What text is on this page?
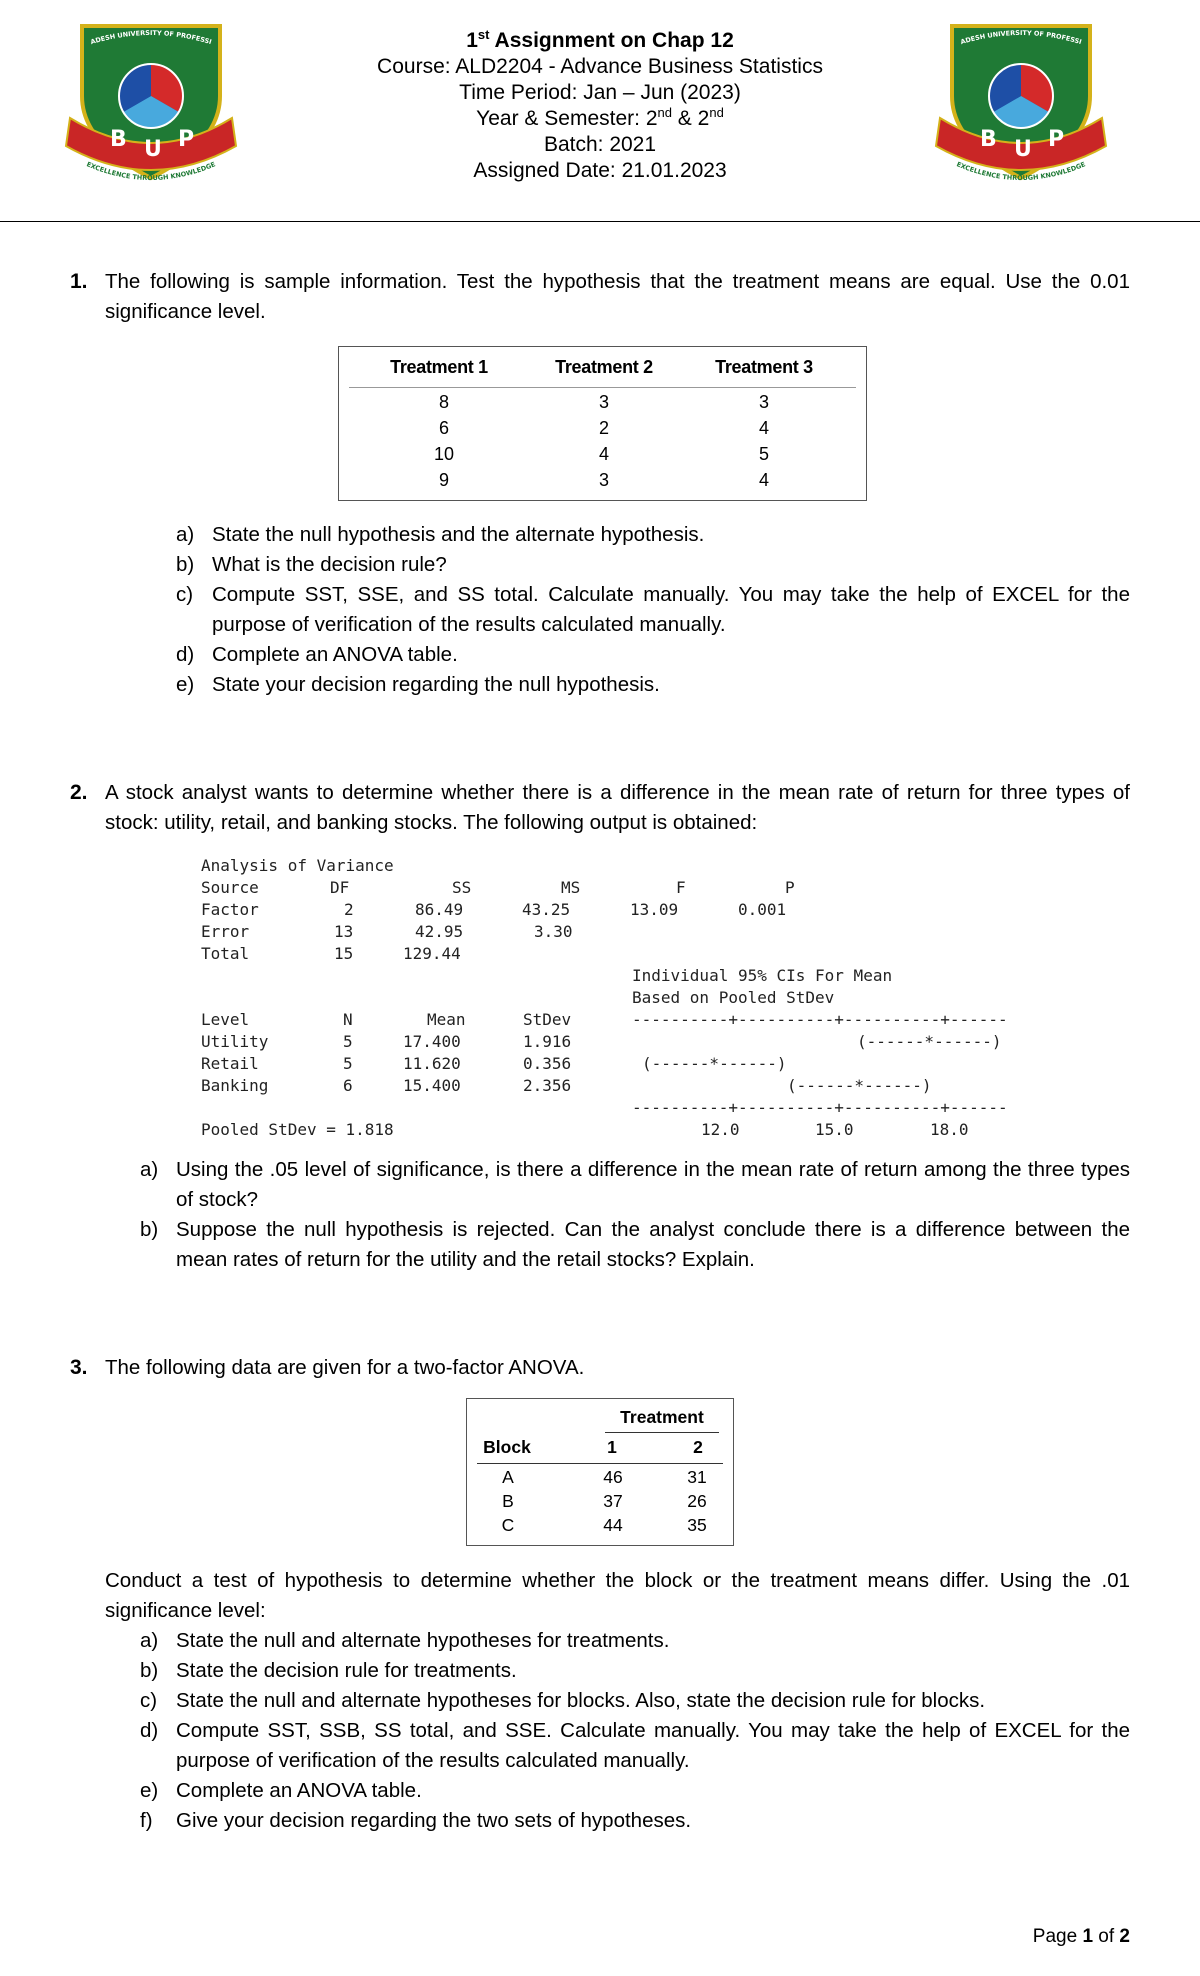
ADESH UNIVERSITY OF PROFESSI
B U P
EXCELLENCE THROUGH KNOWLEDGE
ADESH UNIVERSITY OF PROFESSI
B U P
EXCELLENCE THROUGH KNOWLEDGE
1st Assignment on Chap 12
Course: ALD2204 - Advance Business Statistics
Time Period: Jan – Jun (2023)
Year & Semester: 2nd & 2nd
Batch: 2021
Assigned Date: 21.01.2023
1. The following is sample information. Test the hypothesis that the treatment means are equal. Use the 0.01 significance level.
Treatment 1	Treatment 2	Treatment 3
8	3	3
6	2	4
10	4	5
9	3	4
a) State the null hypothesis and the alternate hypothesis.
b) What is the decision rule?
c) Compute SST, SSE, and SS total. Calculate manually. You may take the help of EXCEL for the purpose of verification of the results calculated manually.
d) Complete an ANOVA table.
e) State your decision regarding the null hypothesis.
2. A stock analyst wants to determine whether there is a difference in the mean rate of return for three types of stock: utility, retail, and banking stocks. The following output is obtained:
Analysis of Variance
Source	DF	SS	MS	F	P
Factor	2	86.49	43.25	13.09	0.001
Error	13	42.95	3.30
Total	15	129.44
Individual 95% CIs For Mean
Based on Pooled StDev
Level	N	Mean	StDev	----------+----------+----------+------
Utility	5	17.400	1.916	(------*------)
Retail	5	11.620	0.356	(------*------)
Banking	6	15.400	2.356	(------*------)
----------+----------+----------+------
Pooled StDev = 1.818	12.0	15.0	18.0
a) Using the .05 level of significance, is there a difference in the mean rate of return among the three types of stock?
b) Suppose the null hypothesis is rejected. Can the analyst conclude there is a difference between the mean rates of return for the utility and the retail stocks? Explain.
3. The following data are given for a two-factor ANOVA.
Treatment
Block	1	2
A	46	31
B	37	26
C	44	35
Conduct a test of hypothesis to determine whether the block or the treatment means differ. Using the .01 significance level:
a) State the null and alternate hypotheses for treatments.
b) State the decision rule for treatments.
c) State the null and alternate hypotheses for blocks. Also, state the decision rule for blocks.
d) Compute SST, SSB, SS total, and SSE. Calculate manually. You may take the help of EXCEL for the purpose of verification of the results calculated manually.
e) Complete an ANOVA table.
f) Give your decision regarding the two sets of hypotheses.
Page 1 of 2
